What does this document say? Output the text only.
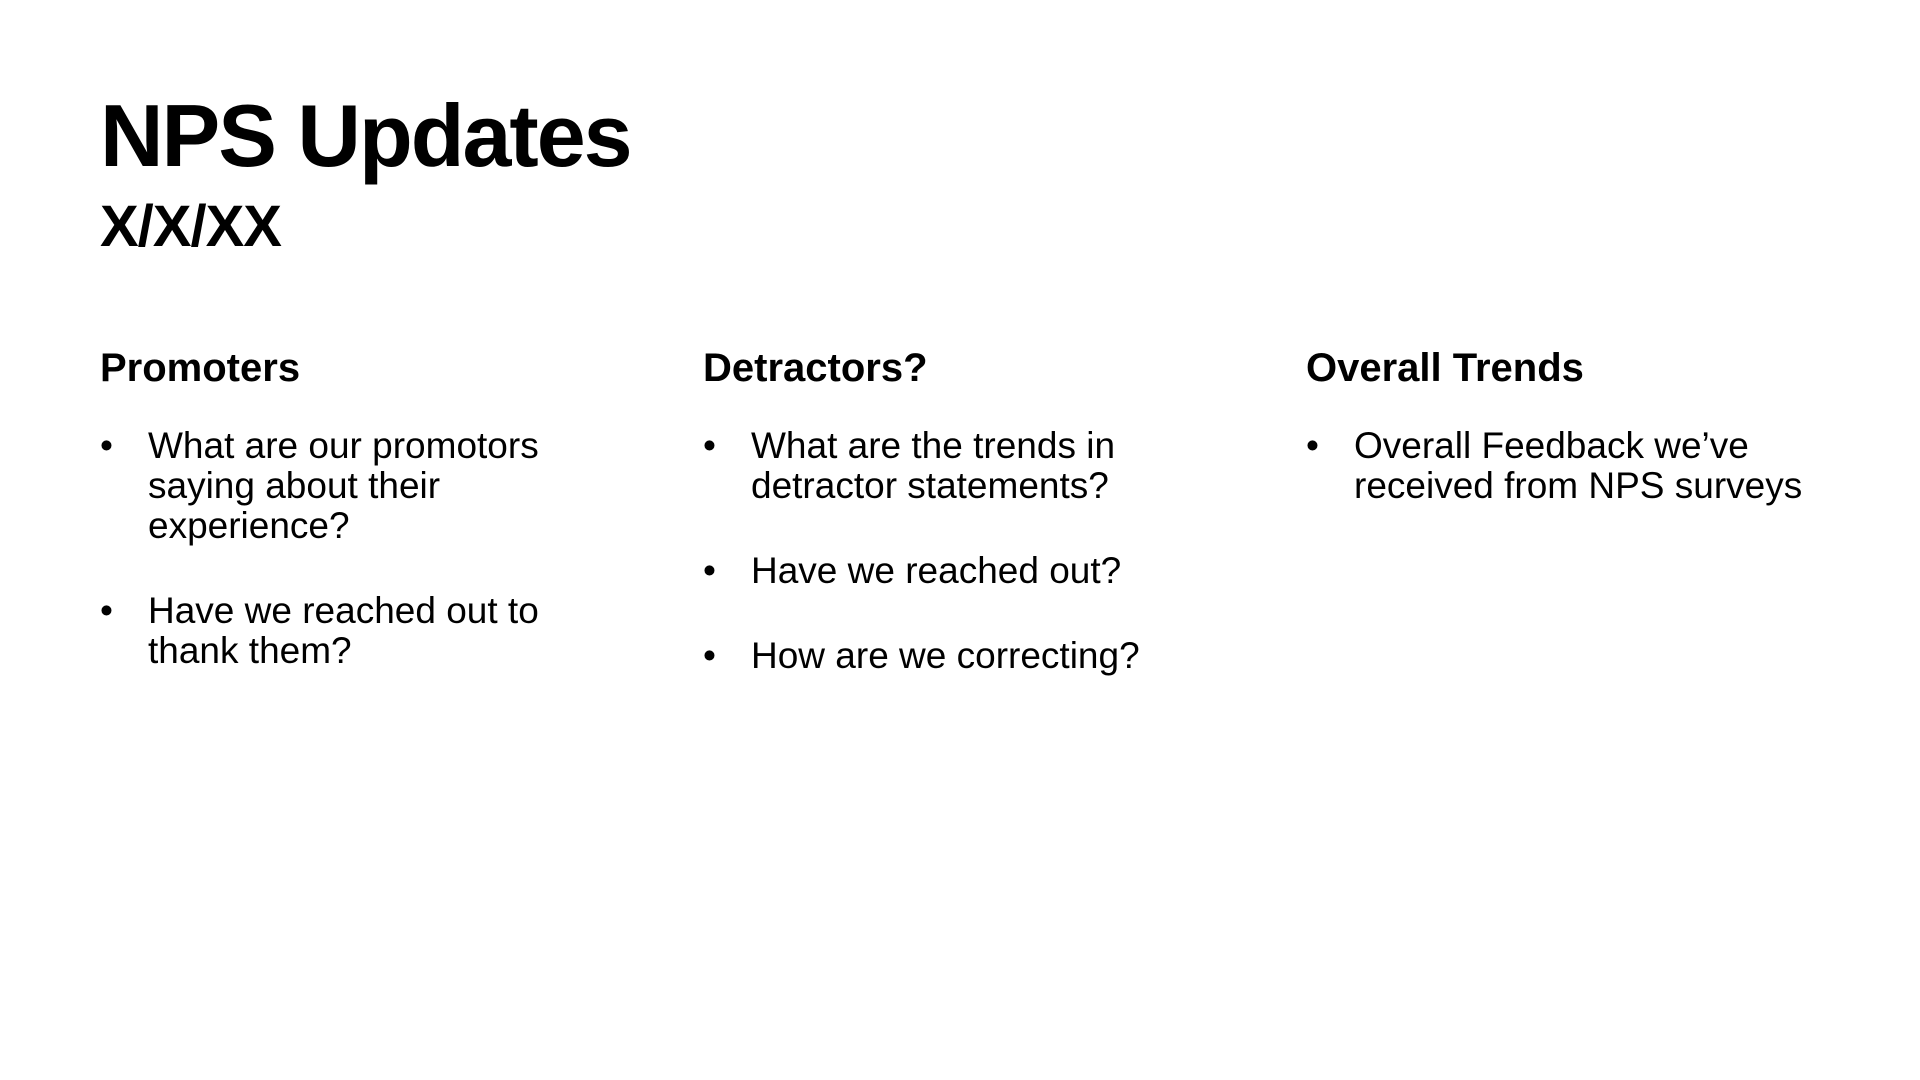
NPS Updates
X/X/XX
Promoters
• What are our promotors saying about their experience?
• Have we reached out to thank them?
Detractors?
• What are the trends in detractor statements?
• Have we reached out?
• How are we correcting?
Overall Trends
• Overall Feedback we’ve received from NPS surveys
